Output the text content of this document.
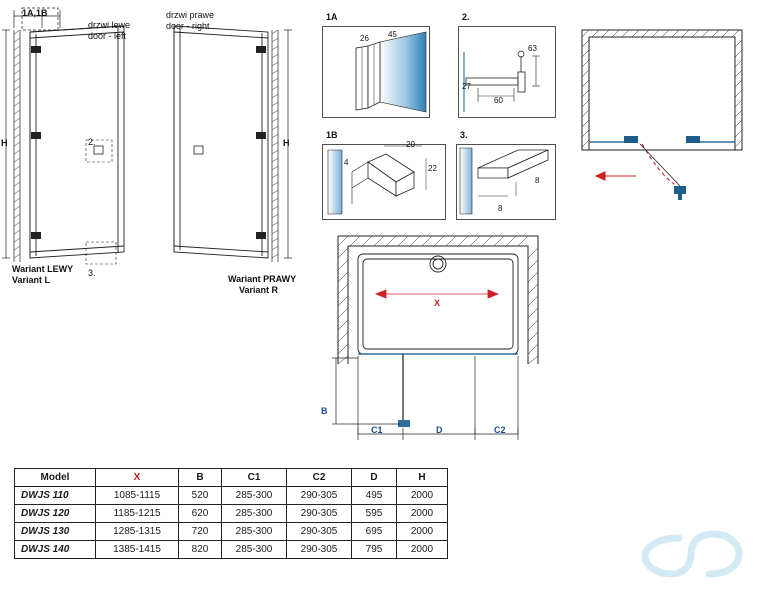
1A,1B
H	2.
3.
Wariant LEWY
Variant L
drzwi lewe
door - left
H
Wariant PRAWY
Variant R
drzwi prawe
door - right
1A
26 45
2.
63
27
60
1B
20
22
4
3.
8
8
X
B
C1	D	C2
Model	X	B	C1	C2	D	H
DWJS 110	1085-1115	520	285-300	290-305	495	2000
DWJS 120	1185-1215	620	285-300	290-305	595	2000
DWJS 130	1285-1315	720	285-300	290-305	695	2000
DWJS 140	1385-1415	820	285-300	290-305	795	2000
